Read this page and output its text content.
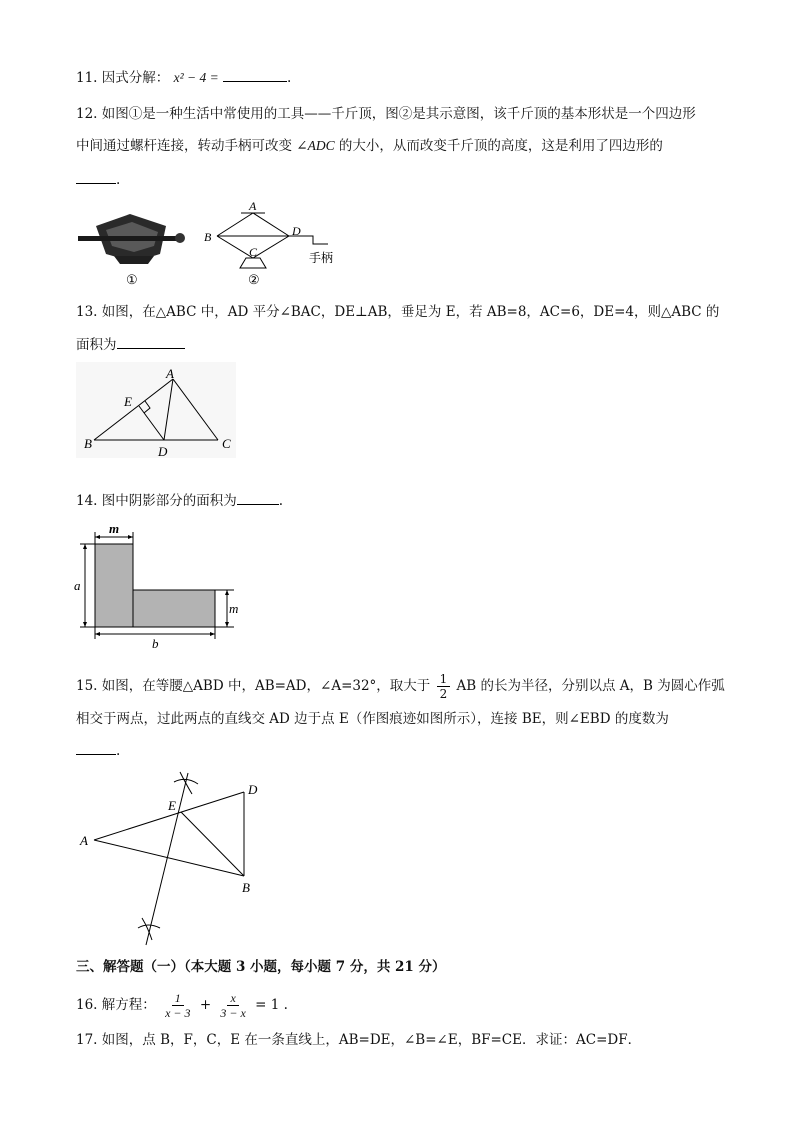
11. 因式分解： x² − 4 =	.
12. 如图①是一种生活中常使用的工具——千斤顶，图②是其示意图，该千斤顶的基本形状是一个四边形
中间通过螺杆连接，转动手柄可改变 ∠ADC 的大小，从而改变千斤顶的高度，这是利用了四边形的
.
①
A
B
C
D
手柄
②
13. 如图，在△ABC 中，AD 平分∠BAC，DE⊥AB，垂足为 E，若 AB=8，AC=6，DE=4，则△ABC 的
面积为
A
B	C
D
E
14. 图中阴影部分的面积为	.
m
a
m
b
15. 如图，在等腰△ABD 中，AB=AD，∠A=32°，取大于 $\frac{1}{2}$ AB 的长为半径，分别以点 A，B 为圆心作弧
相交于两点，过此两点的直线交 AD 边于点 E（作图痕迹如图所示），连接 BE，则∠EBD 的度数为
.
A
B
D
E
三、解答题（一）（本大题 3 小题，每小题 7 分，共 21 分）
16. 解方程： $\frac{1}{x - 3} + \frac{x}{3 - x} = 1$ .
17. 如图，点 B，F，C，E 在一条直线上，AB=DE，∠B=∠E，BF=CE．求证：AC=DF．
